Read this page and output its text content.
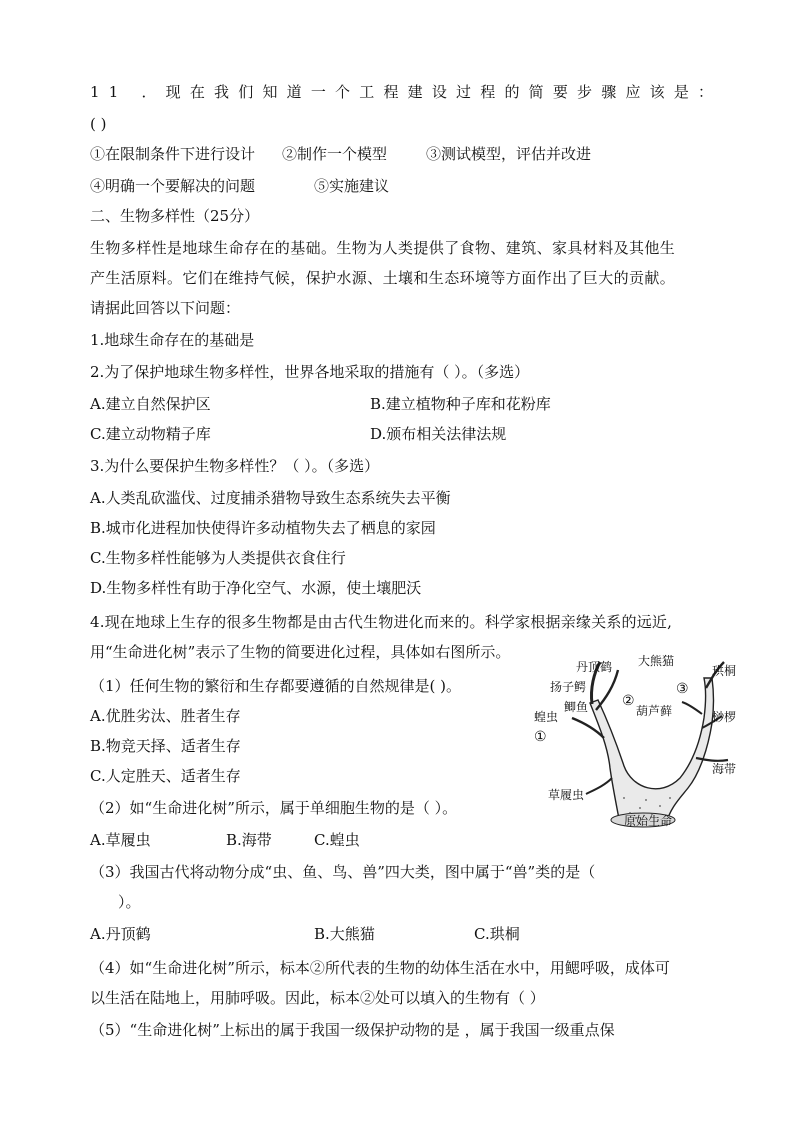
11 ．现在我们知道一个工程建设过程的简要步骤应该是：
( )
①在限制条件下进行设计 ②制作一个模型	③测试模型，评估并改进
④明确一个要解决的问题	⑤实施建议
二、生物多样性（25分）
生物多样性是地球生命存在的基础。生物为人类提供了食物、建筑、家具材料及其他生
产生活原料。它们在维持气候，保护水源、土壤和生态环境等方面作出了巨大的贡献。
请据此回答以下问题：
1.地球生命存在的基础是
2.为了保护地球生物多样性，世界各地采取的措施有（ ）。（多选）
A.建立自然保护区	B.建立植物种子库和花粉库
C.建立动物精子库	D.颁布相关法律法规
3.为什么要保护生物多样性？（ ）。（多选）
A.人类乱砍滥伐、过度捕杀猎物导致生态系统失去平衡
B.城市化进程加快使得许多动植物失去了栖息的家园
C.生物多样性能够为人类提供衣食住行
D.生物多样性有助于净化空气、水源，使土壤肥沃
4.现在地球上生存的很多生物都是由古代生物进化而来的。科学家根据亲缘关系的远近,
用“生命进化树”表示了生物的简要进化过程，具体如右图所示。
（1）任何生物的繁衍和生存都要遵循的自然规律是( )。
A.优胜劣汰、胜者生存
B.物竞天择、适者生存
C.人定胜天、适者生存
（2）如“生命进化树”所示，属于单细胞生物的是（ ）。
A.草履虫	B.海带	C.蝗虫
（3）我国古代将动物分成“虫、鱼、鸟、兽”四大类，图中属于“兽”类的是（
）。
A.丹顶鹤	B.大熊猫	C.珙桐
（4）如“生命进化树”所示，标本②所代表的生物的幼体生活在水中，用鳃呼吸，成体可
以生活在陆地上，用肺呼吸。因此，标本②处可以填入的生物有（ ）
（5）“生命进化树”上标出的属于我国一级保护动物的是 ，属于我国一级重点保
丹顶鹤 大熊猫
珙桐
扬子鳄
②
③
鲫鱼
蝗虫	葫芦藓	桫椤
①
海带
草履虫
原始生命
